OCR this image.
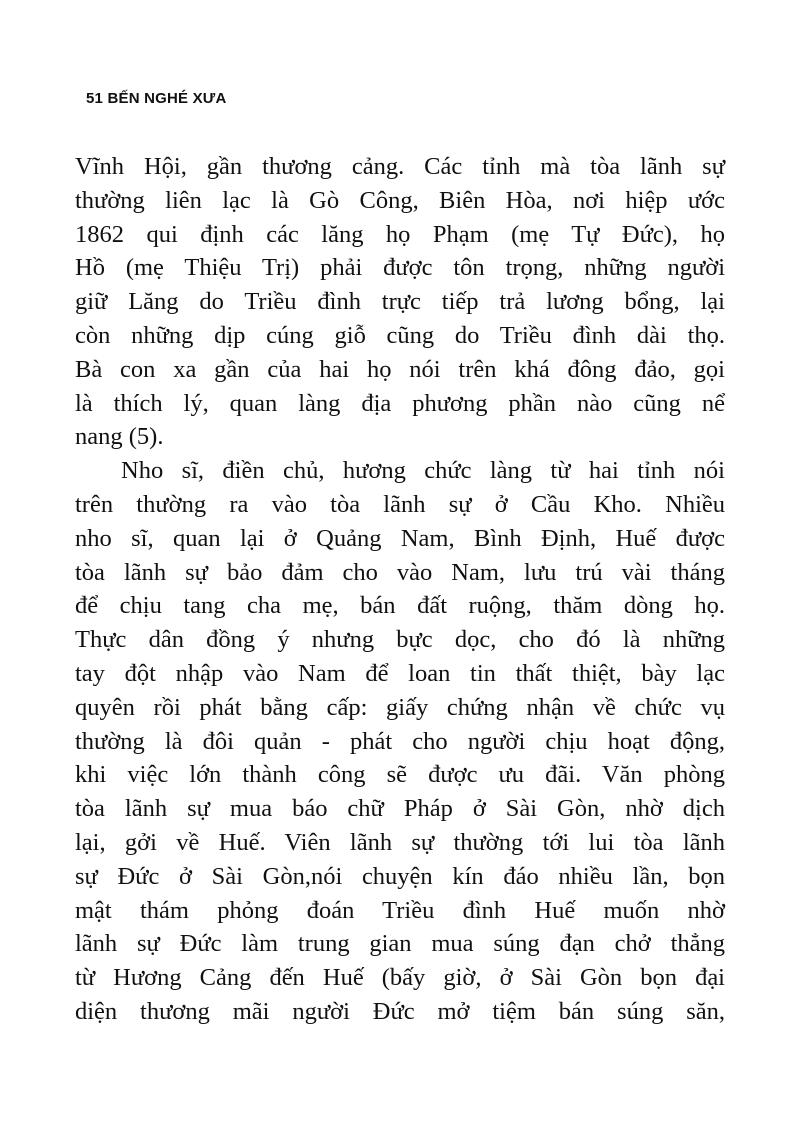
51 BẾN NGHÉ XƯA
Vĩnh Hội, gần thương cảng. Các tỉnh mà tòa lãnh sự
thường liên lạc là Gò Công, Biên Hòa, nơi hiệp ước
1862 qui định các lăng họ Phạm (mẹ Tự Đức), họ
Hồ (mẹ Thiệu Trị) phải được tôn trọng, những người
giữ Lăng do Triều đình trực tiếp trả lương bổng, lại
còn những dịp cúng giỗ cũng do Triều đình dài thọ.
Bà con xa gần của hai họ nói trên khá đông đảo, gọi
là thích lý, quan làng địa phương phần nào cũng nể
nang (5).
Nho sĩ, điền chủ, hương chức làng từ hai tỉnh nói
trên thường ra vào tòa lãnh sự ở Cầu Kho. Nhiều
nho sĩ, quan lại ở Quảng Nam, Bình Định, Huế được
tòa lãnh sự bảo đảm cho vào Nam, lưu trú vài tháng
để chịu tang cha mẹ, bán đất ruộng, thăm dòng họ.
Thực dân đồng ý nhưng bực dọc, cho đó là những
tay đột nhập vào Nam để loan tin thất thiệt, bày lạc
quyên rồi phát bằng cấp: giấy chứng nhận về chức vụ
thường là đôi quản - phát cho người chịu hoạt động,
khi việc lớn thành công sẽ được ưu đãi. Văn phòng
tòa lãnh sự mua báo chữ Pháp ở Sài Gòn, nhờ dịch
lại, gởi về Huế. Viên lãnh sự thường tới lui tòa lãnh
sự Đức ở Sài Gòn,nói chuyện kín đáo nhiều lần, bọn
mật thám phỏng đoán Triều đình Huế muốn nhờ
lãnh sự Đức làm trung gian mua súng đạn chở thẳng
từ Hương Cảng đến Huế (bấy giờ, ở Sài Gòn bọn đại
diện thương mãi người Đức mở tiệm bán súng săn,
